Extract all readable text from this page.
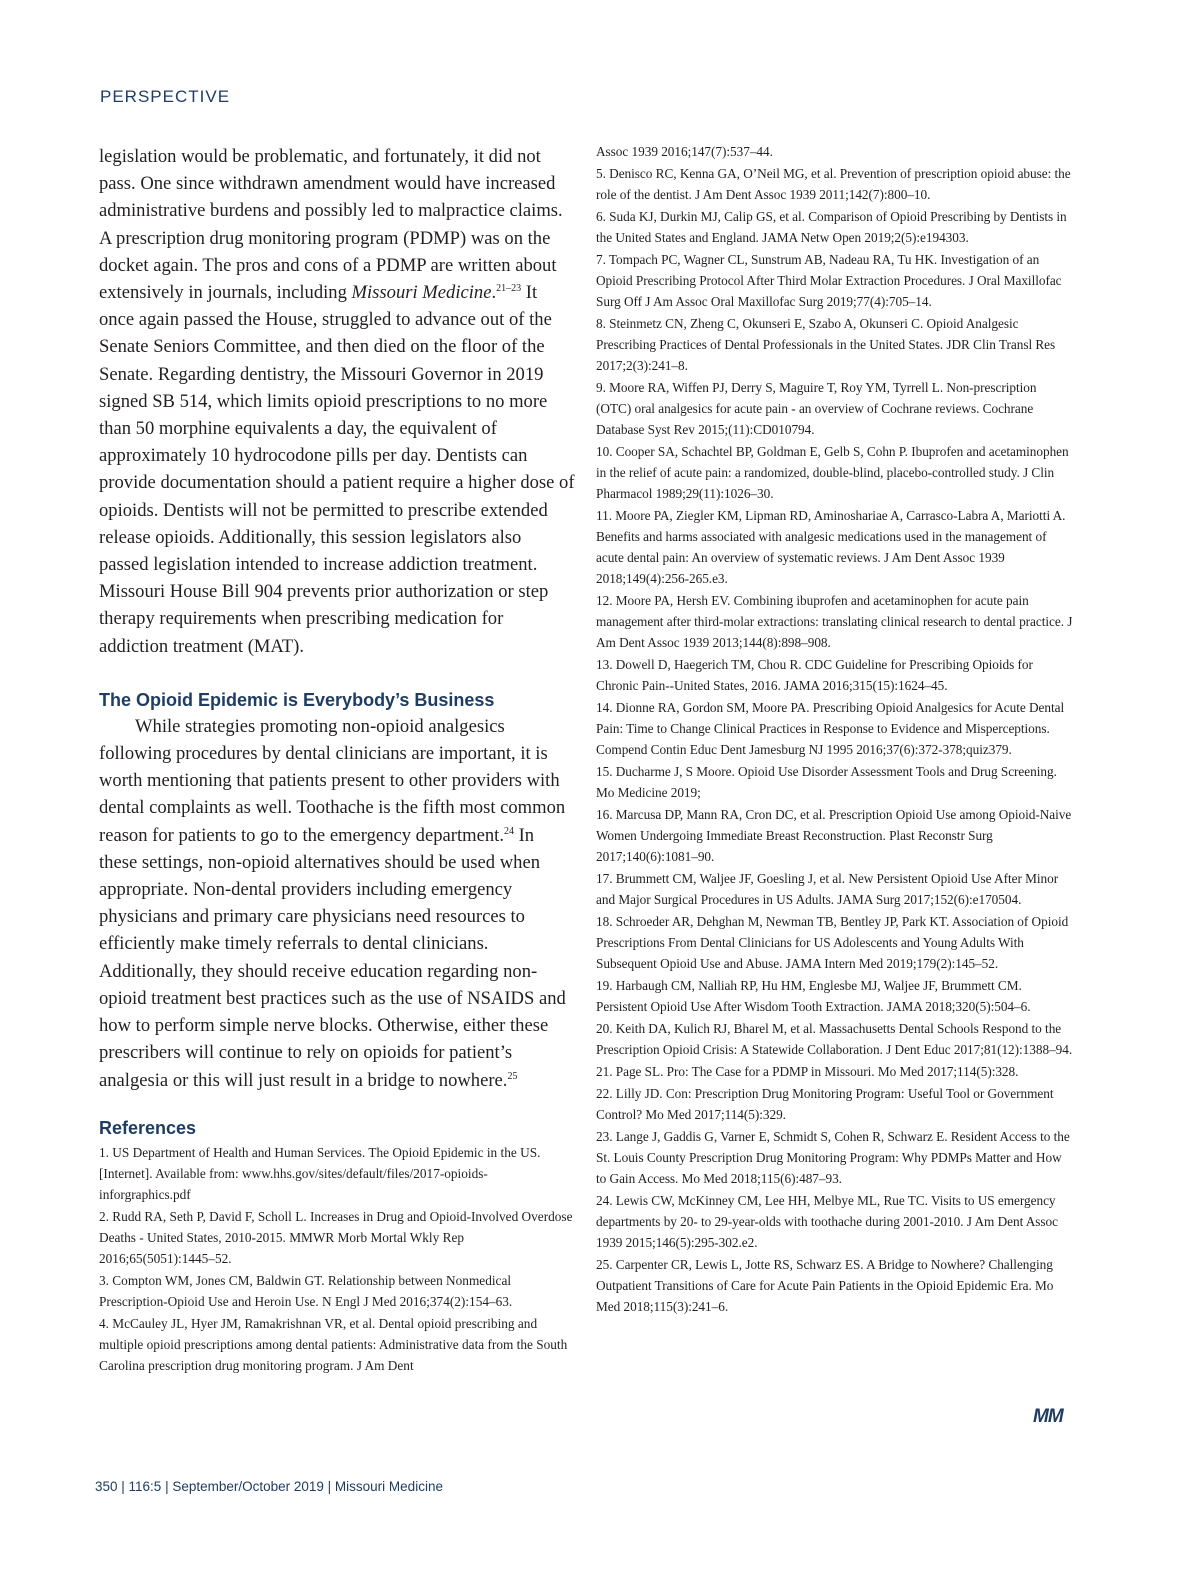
PERSPECTIVE

legislation would be problematic, and fortunately, it did not pass. One since withdrawn amendment would have increased administrative burdens and possibly led to malpractice claims. A prescription drug monitoring program (PDMP) was on the docket again. The pros and cons of a PDMP are written about extensively in journals, including Missouri Medicine.$^{21-23}$ It once again passed the House, struggled to advance out of the Senate Seniors Committee, and then died on the floor of the Senate. Regarding dentistry, the Missouri Governor in 2019 signed SB 514, which limits opioid prescriptions to no more than 50 morphine equivalents a day, the equivalent of approximately 10 hydrocodone pills per day. Dentists can provide documentation should a patient require a higher dose of opioids. Dentists will not be permitted to prescribe extended release opioids. Additionally, this session legislators also passed legislation intended to increase addiction treatment. Missouri House Bill 904 prevents prior authorization or step therapy requirements when prescribing medication for addiction treatment (MAT).

The Opioid Epidemic is Everybody’s Business

While strategies promoting non-opioid analgesics following procedures by dental clinicians are important, it is worth mentioning that patients present to other providers with dental complaints as well. Toothache is the fifth most common reason for patients to go to the emergency department.$^{24}$ In these settings, non-opioid alternatives should be used when appropriate. Non-dental providers including emergency physicians and primary care physicians need resources to efficiently make timely referrals to dental clinicians. Additionally, they should receive education regarding non-opioid treatment best practices such as the use of NSAIDS and how to perform simple nerve blocks. Otherwise, either these prescribers will continue to rely on opioids for patient’s analgesia or this will just result in a bridge to nowhere.$^{25}$

References

1. US Department of Health and Human Services. The Opioid Epidemic in the US. [Internet]. Available from: www.hhs.gov/sites/default/files/2017-opioids-inforgraphics.pdf

2. Rudd RA, Seth P, David F, Scholl L. Increases in Drug and Opioid-Involved Overdose Deaths - United States, 2010-2015. MMWR Morb Mortal Wkly Rep 2016;65(5051):1445–52.

3. Compton WM, Jones CM, Baldwin GT. Relationship between Nonmedical Prescription-Opioid Use and Heroin Use. N Engl J Med 2016;374(2):154–63.

4. McCauley JL, Hyer JM, Ramakrishnan VR, et al. Dental opioid prescribing and multiple opioid prescriptions among dental patients: Administrative data from the South Carolina prescription drug monitoring program. J Am Dent

Assoc 1939 2016;147(7):537–44.

5. Denisco RC, Kenna GA, O’Neil MG, et al. Prevention of prescription opioid abuse: the role of the dentist. J Am Dent Assoc 1939 2011;142(7):800–10.

6. Suda KJ, Durkin MJ, Calip GS, et al. Comparison of Opioid Prescribing by Dentists in the United States and England. JAMA Netw Open 2019;2(5):e194303.

7. Tompach PC, Wagner CL, Sunstrum AB, Nadeau RA, Tu HK. Investigation of an Opioid Prescribing Protocol After Third Molar Extraction Procedures. J Oral Maxillofac Surg Off J Am Assoc Oral Maxillofac Surg 2019;77(4):705–14.

8. Steinmetz CN, Zheng C, Okunseri E, Szabo A, Okunseri C. Opioid Analgesic Prescribing Practices of Dental Professionals in the United States. JDR Clin Transl Res 2017;2(3):241–8.

9. Moore RA, Wiffen PJ, Derry S, Maguire T, Roy YM, Tyrrell L. Non-prescription (OTC) oral analgesics for acute pain - an overview of Cochrane reviews. Cochrane Database Syst Rev 2015;(11):CD010794.

10. Cooper SA, Schachtel BP, Goldman E, Gelb S, Cohn P. Ibuprofen and acetaminophen in the relief of acute pain: a randomized, double-blind, placebo-controlled study. J Clin Pharmacol 1989;29(11):1026–30.

11. Moore PA, Ziegler KM, Lipman RD, Aminoshariae A, Carrasco-Labra A, Mariotti A. Benefits and harms associated with analgesic medications used in the management of acute dental pain: An overview of systematic reviews. J Am Dent Assoc 1939 2018;149(4):256-265.e3.

12. Moore PA, Hersh EV. Combining ibuprofen and acetaminophen for acute pain management after third-molar extractions: translating clinical research to dental practice. J Am Dent Assoc 1939 2013;144(8):898–908.

13. Dowell D, Haegerich TM, Chou R. CDC Guideline for Prescribing Opioids for Chronic Pain--United States, 2016. JAMA 2016;315(15):1624–45.

14. Dionne RA, Gordon SM, Moore PA. Prescribing Opioid Analgesics for Acute Dental Pain: Time to Change Clinical Practices in Response to Evidence and Misperceptions. Compend Contin Educ Dent Jamesburg NJ 1995 2016;37(6):372-378;quiz379.

15. Ducharme J, S Moore. Opioid Use Disorder Assessment Tools and Drug Screening. Mo Medicine 2019;

16. Marcusa DP, Mann RA, Cron DC, et al. Prescription Opioid Use among Opioid-Naive Women Undergoing Immediate Breast Reconstruction. Plast Reconstr Surg 2017;140(6):1081–90.

17. Brummett CM, Waljee JF, Goesling J, et al. New Persistent Opioid Use After Minor and Major Surgical Procedures in US Adults. JAMA Surg 2017;152(6):e170504.

18. Schroeder AR, Dehghan M, Newman TB, Bentley JP, Park KT. Association of Opioid Prescriptions From Dental Clinicians for US Adolescents and Young Adults With Subsequent Opioid Use and Abuse. JAMA Intern Med 2019;179(2):145–52.

19. Harbaugh CM, Nalliah RP, Hu HM, Englesbe MJ, Waljee JF, Brummett CM. Persistent Opioid Use After Wisdom Tooth Extraction. JAMA 2018;320(5):504–6.

20. Keith DA, Kulich RJ, Bharel M, et al. Massachusetts Dental Schools Respond to the Prescription Opioid Crisis: A Statewide Collaboration. J Dent Educ 2017;81(12):1388–94.

21. Page SL. Pro: The Case for a PDMP in Missouri. Mo Med 2017;114(5):328.

22. Lilly JD. Con: Prescription Drug Monitoring Program: Useful Tool or Government Control? Mo Med 2017;114(5):329.

23. Lange J, Gaddis G, Varner E, Schmidt S, Cohen R, Schwarz E. Resident Access to the St. Louis County Prescription Drug Monitoring Program: Why PDMPs Matter and How to Gain Access. Mo Med 2018;115(6):487–93.

24. Lewis CW, McKinney CM, Lee HH, Melbye ML, Rue TC. Visits to US emergency departments by 20- to 29-year-olds with toothache during 2001-2010. J Am Dent Assoc 1939 2015;146(5):295-302.e2.

25. Carpenter CR, Lewis L, Jotte RS, Schwarz ES. A Bridge to Nowhere? Challenging Outpatient Transitions of Care for Acute Pain Patients in the Opioid Epidemic Era. Mo Med 2018;115(3):241–6.

MM
350 | 116:5 | September/October 2019 | Missouri Medicine
